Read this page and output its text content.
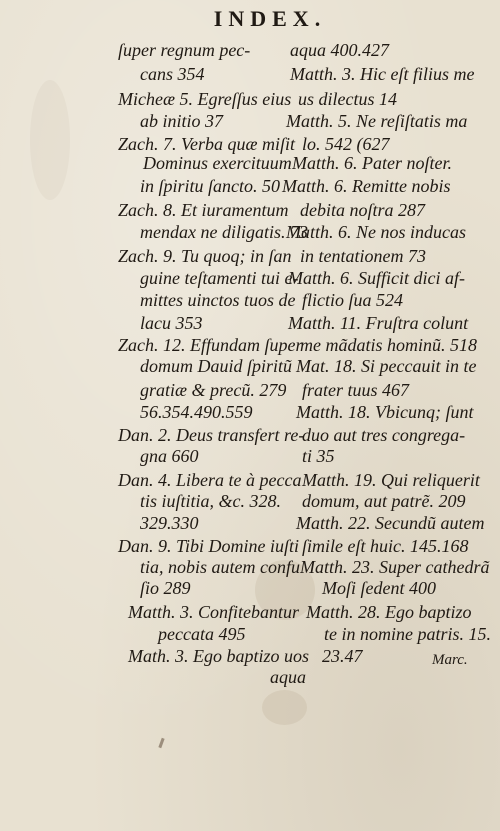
INDEX.
ſuper regnum pec-
cans 354
Micheæ 5. Egreſſus eius
ab initio 37
Zach. 7. Verba quæ miſit
Dominus exercituum
in ſpiritu ſancto. 50
Zach. 8. Et iuramentum
mendax ne diligatis. 73
Zach. 9. Tu quoq; in ſan
guine teſtamenti tui e-
mittes uinctos tuos de
lacu 353
Zach. 12. Effundam ſuper
domum Dauid ſpiritũ
gratiæ & precũ. 279
56.354.490.559
Dan. 2. Deus transfert re-
gna 660
Dan. 4. Libera te à pecca
tis iuſtitia, &c. 328.
329.330
Dan. 9. Tibi Domine iuſti
tia, nobis autem confu
ſio 289
Matth. 3. Confitebantur
peccata 495
Math. 3. Ego baptizo uos
aqua
aqua 400.427
Matth. 3. Hic eſt filius me
us dilectus 14
Matth. 5. Ne reſiſtatis ma
lo. 542 (627
Matth. 6. Pater noſter.
Matth. 6. Remitte nobis
debita noſtra 287
Matth. 6. Ne nos inducas
in tentationem 73
Matth. 6. Sufficit dici af-
flictio ſua 524
Matth. 11. Fruſtra colunt
me mãdatis hominũ. 518
Mat. 18. Si peccauit in te
frater tuus 467
Matth. 18. Vbicunq; ſunt
duo aut tres congrega-
ti 35
Matth. 19. Qui reliquerit
domum, aut patrẽ. 209
Matth. 22. Secundũ autem
ſimile eſt huic. 145.168
Matth. 23. Super cathedrã
Moſi ſedent 400
Matth. 28. Ego baptizo
te in nomine patris. 15.
23.47	Marc.
